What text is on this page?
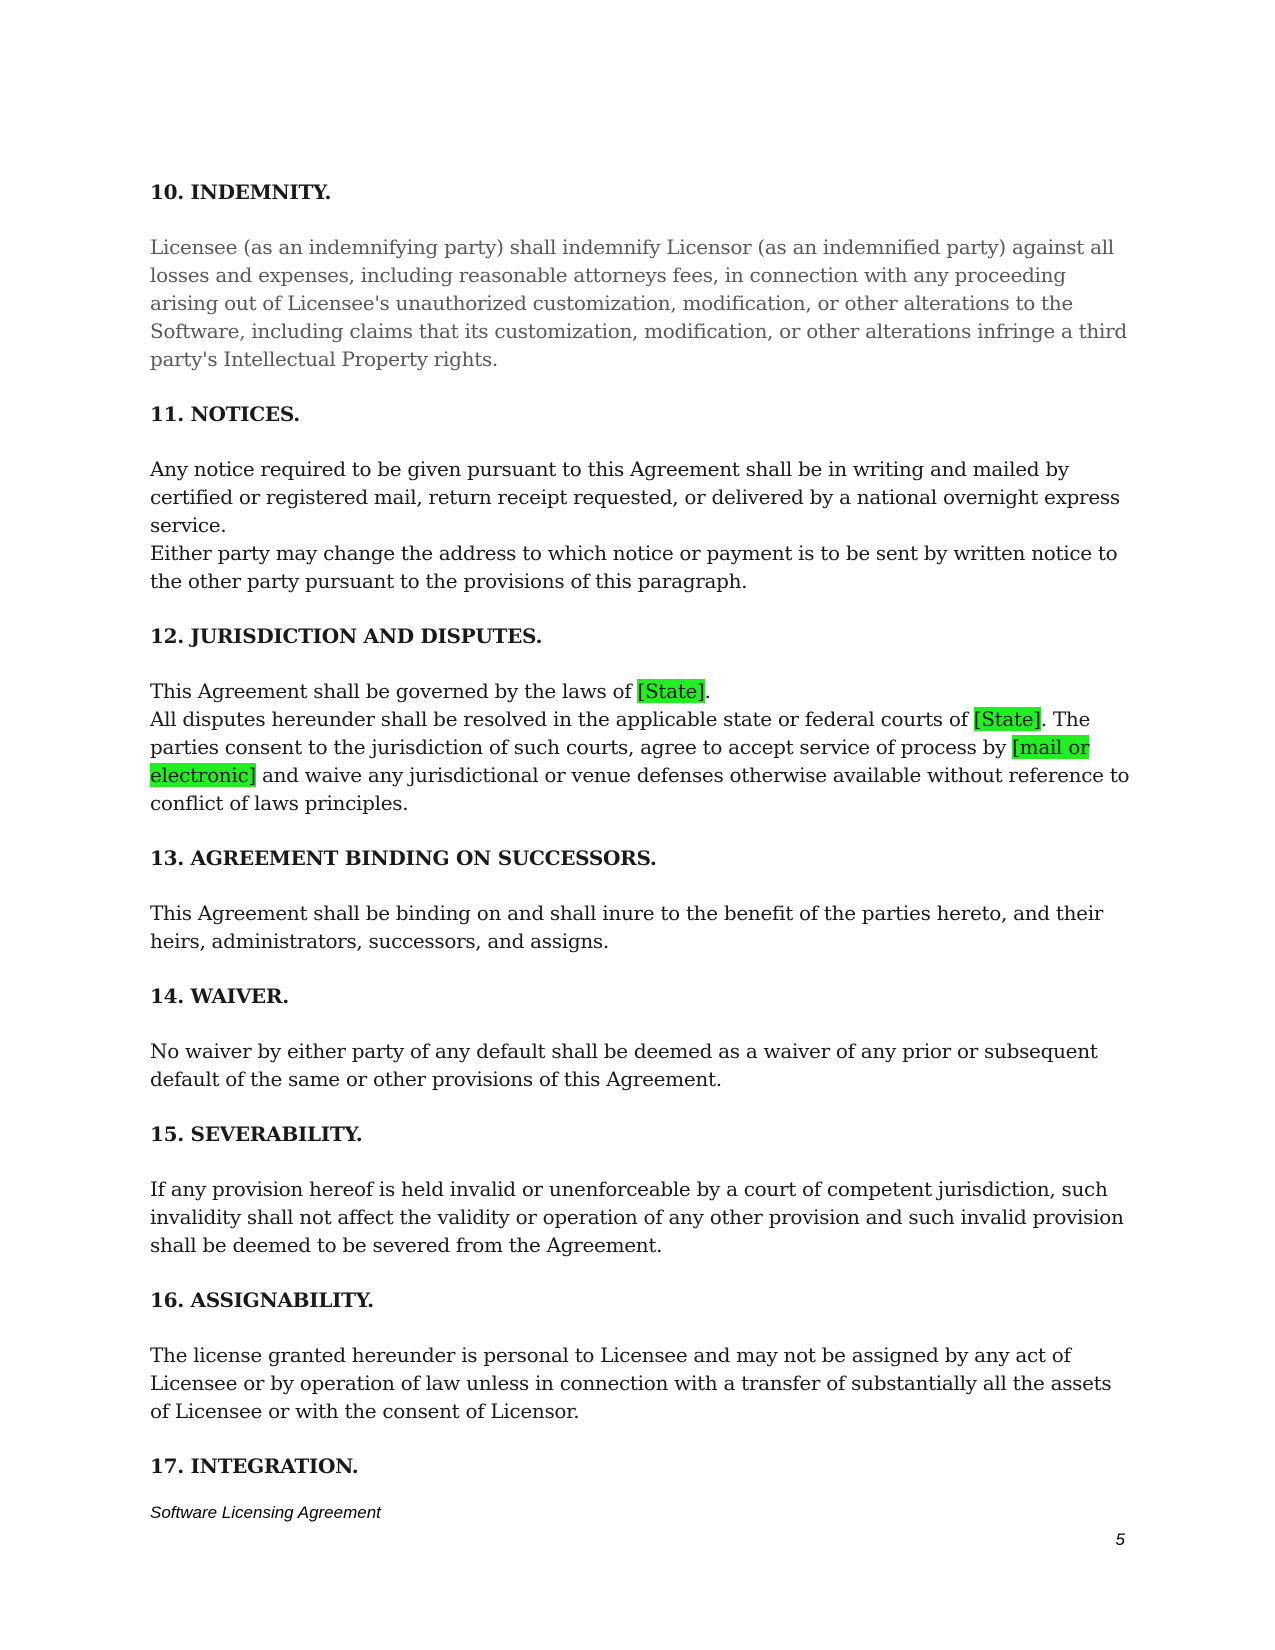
10. INDEMNITY.
Licensee (as an indemnifying party) shall indemnify Licensor (as an indemnified party) against all losses and expenses, including reasonable attorneys fees, in connection with any proceeding arising out of Licensee's unauthorized customization, modification, or other alterations to the Software, including claims that its customization, modification, or other alterations infringe a third party's Intellectual Property rights.
11. NOTICES.
Any notice required to be given pursuant to this Agreement shall be in writing and mailed by certified or registered mail, return receipt requested, or delivered by a national overnight express service.
Either party may change the address to which notice or payment is to be sent by written notice to the other party pursuant to the provisions of this paragraph.
12. JURISDICTION AND DISPUTES.
This Agreement shall be governed by the laws of [State].
All disputes hereunder shall be resolved in the applicable state or federal courts of [State]. The parties consent to the jurisdiction of such courts, agree to accept service of process by [mail or electronic] and waive any jurisdictional or venue defenses otherwise available without reference to conflict of laws principles.
13. AGREEMENT BINDING ON SUCCESSORS.
This Agreement shall be binding on and shall inure to the benefit of the parties hereto, and their heirs, administrators, successors, and assigns.
14. WAIVER.
No waiver by either party of any default shall be deemed as a waiver of any prior or subsequent default of the same or other provisions of this Agreement.
15. SEVERABILITY.
If any provision hereof is held invalid or unenforceable by a court of competent jurisdiction, such invalidity shall not affect the validity or operation of any other provision and such invalid provision shall be deemed to be severed from the Agreement.
16. ASSIGNABILITY.
The license granted hereunder is personal to Licensee and may not be assigned by any act of Licensee or by operation of law unless in connection with a transfer of substantially all the assets of Licensee or with the consent of Licensor.
17. INTEGRATION.
Software Licensing Agreement
5
